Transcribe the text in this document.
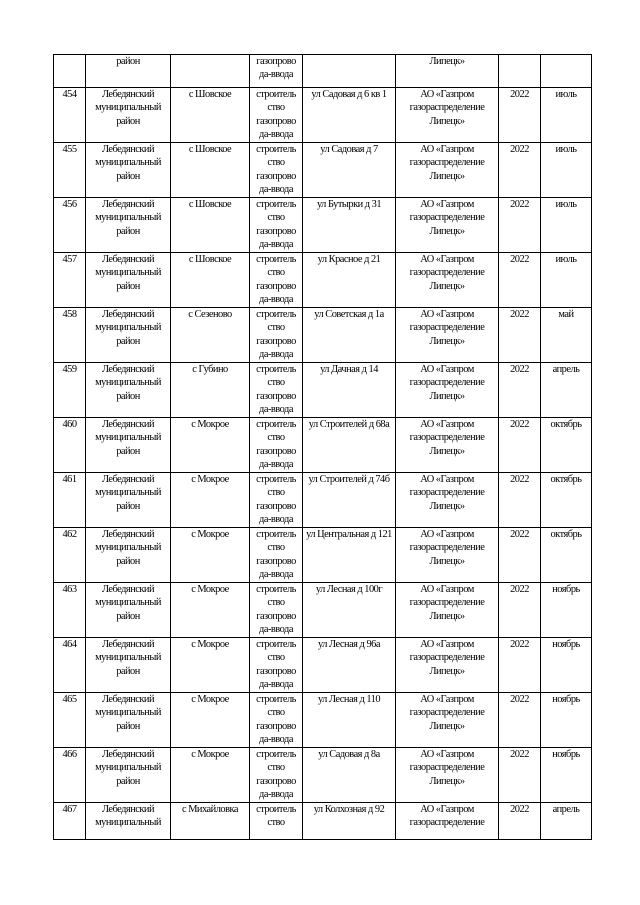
	район		газопрово
да-ввода		Липецк»		
454	Лебедянский муниципальный район	с Шовское	строитель
ство
газопрово
да-ввода	ул Садовая д 6 кв 1	АО «Газпром газораспределение Липецк»	2022	июль
455	Лебедянский муниципальный район	с Шовское	строитель
ство
газопрово
да-ввода	ул Садовая д 7	АО «Газпром газораспределение Липецк»	2022	июль
456	Лебедянский муниципальный район	с Шовское	строитель
ство
газопрово
да-ввода	ул Бутырки д 31	АО «Газпром газораспределение Липецк»	2022	июль
457	Лебедянский муниципальный район	с Шовское	строитель
ство
газопрово
да-ввода	ул Красное д 21	АО «Газпром газораспределение Липецк»	2022	июль
458	Лебедянский муниципальный район	с Сезеново	строитель
ство
газопрово
да-ввода	ул Советская д 1а	АО «Газпром газораспределение Липецк»	2022	май
459	Лебедянский муниципальный район	с Губино	строитель
ство
газопрово
да-ввода	ул Дачная д 14	АО «Газпром газораспределение Липецк»	2022	апрель
460	Лебедянский муниципальный район	с Мокрое	строитель
ство
газопрово
да-ввода	ул Строителей д 68а	АО «Газпром газораспределение Липецк»	2022	октябрь
461	Лебедянский муниципальный район	с Мокрое	строитель
ство
газопрово
да-ввода	ул Строителей д 74б	АО «Газпром газораспределение Липецк»	2022	октябрь
462	Лебедянский муниципальный район	с Мокрое	строитель
ство
газопрово
да-ввода	ул Центральная д 121	АО «Газпром газораспределение Липецк»	2022	октябрь
463	Лебедянский муниципальный район	с Мокрое	строитель
ство
газопрово
да-ввода	ул Лесная д 100г	АО «Газпром газораспределение Липецк»	2022	ноябрь
464	Лебедянский муниципальный район	с Мокрое	строитель
ство
газопрово
да-ввода	ул Лесная д 96а	АО «Газпром газораспределение Липецк»	2022	ноябрь
465	Лебедянский муниципальный район	с Мокрое	строитель
ство
газопрово
да-ввода	ул Лесная д 110	АО «Газпром газораспределение Липецк»	2022	ноябрь
466	Лебедянский муниципальный район	с Мокрое	строитель
ство
газопрово
да-ввода	ул Садовая д 8а	АО «Газпром газораспределение Липецк»	2022	ноябрь
467	Лебедянский муниципальный	с Михайловка	строитель
ство	ул Колхозная д 92	АО «Газпром газораспределение	2022	апрель
